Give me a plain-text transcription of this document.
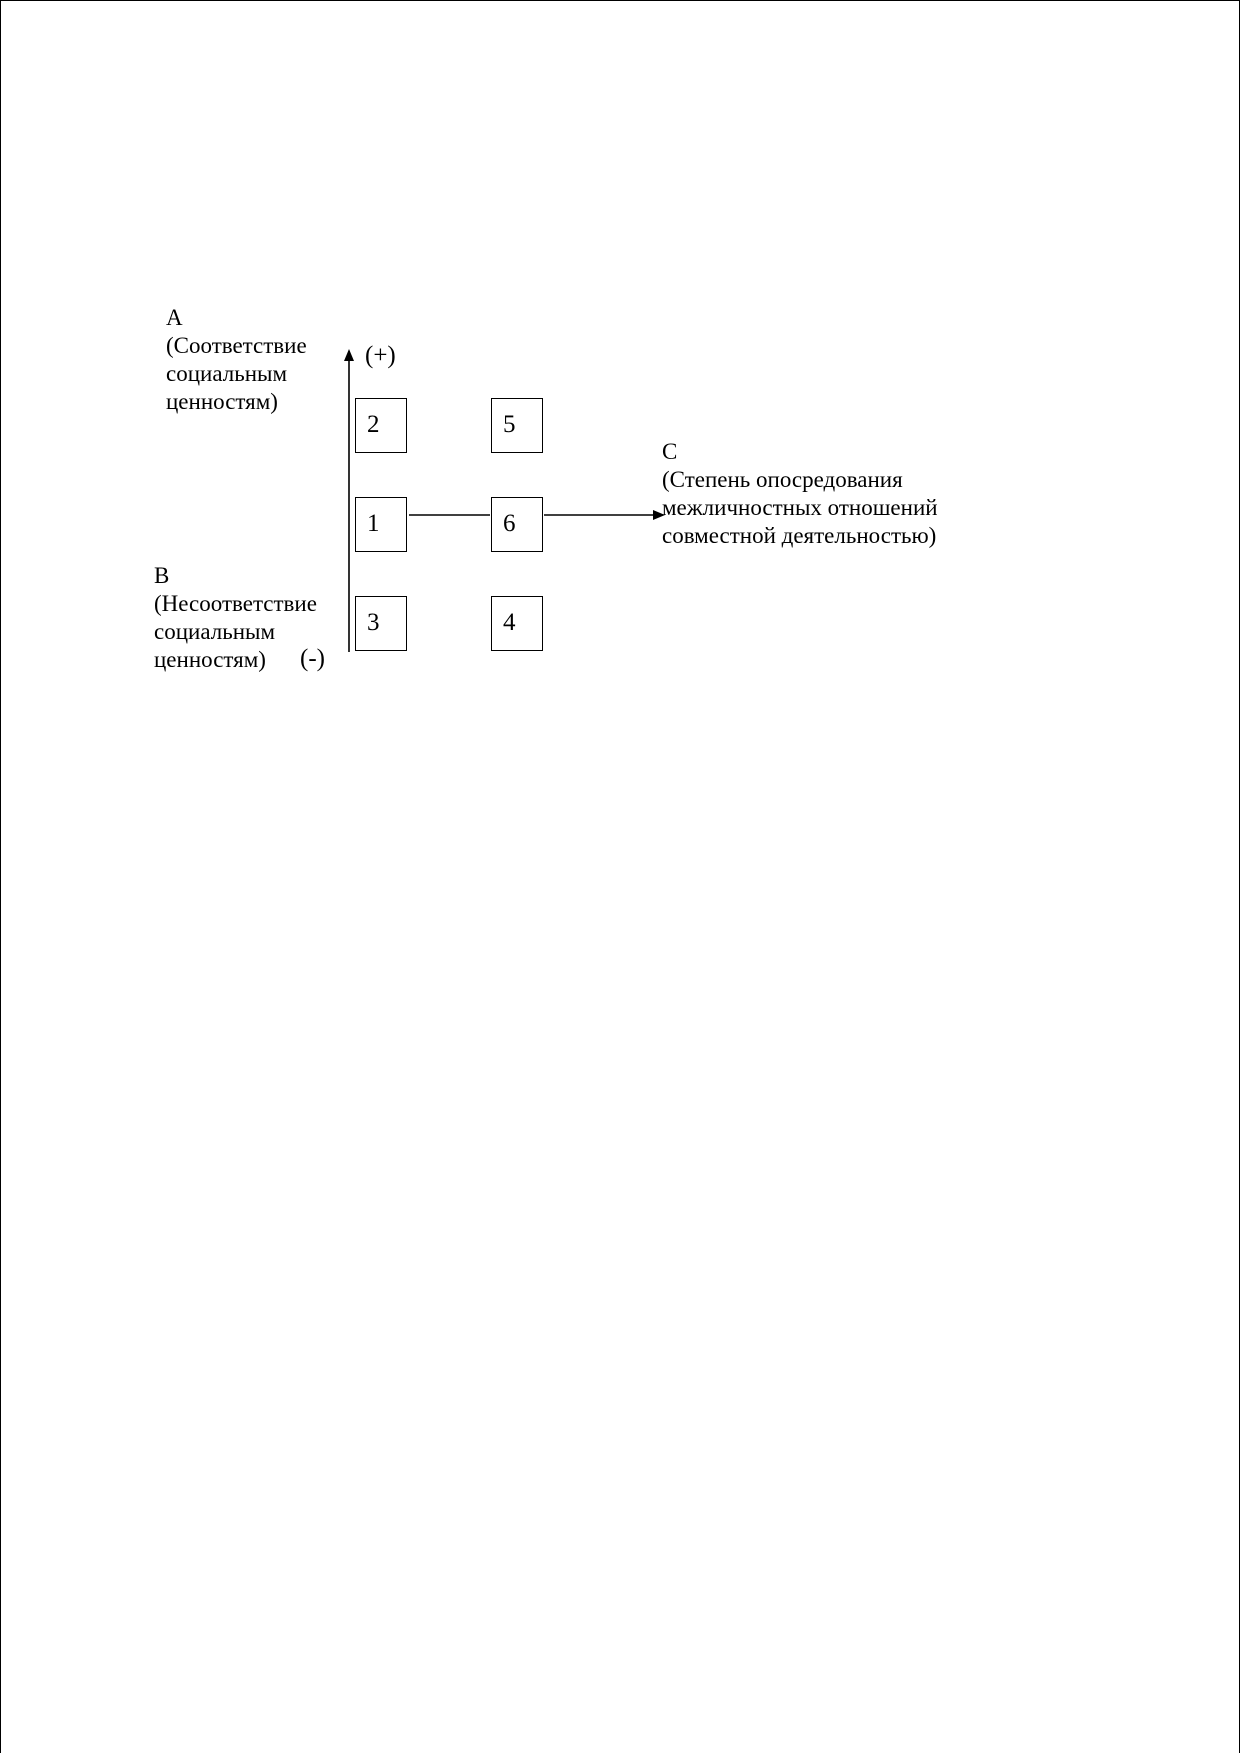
A
(Соответствие
социальным
ценностям)
(+)
B
(Несоответствие
социальным
ценностям) (-)
C
(Степень опосредования
межличностных отношений
совместной деятельностью)
2	5
1	6
3	4
